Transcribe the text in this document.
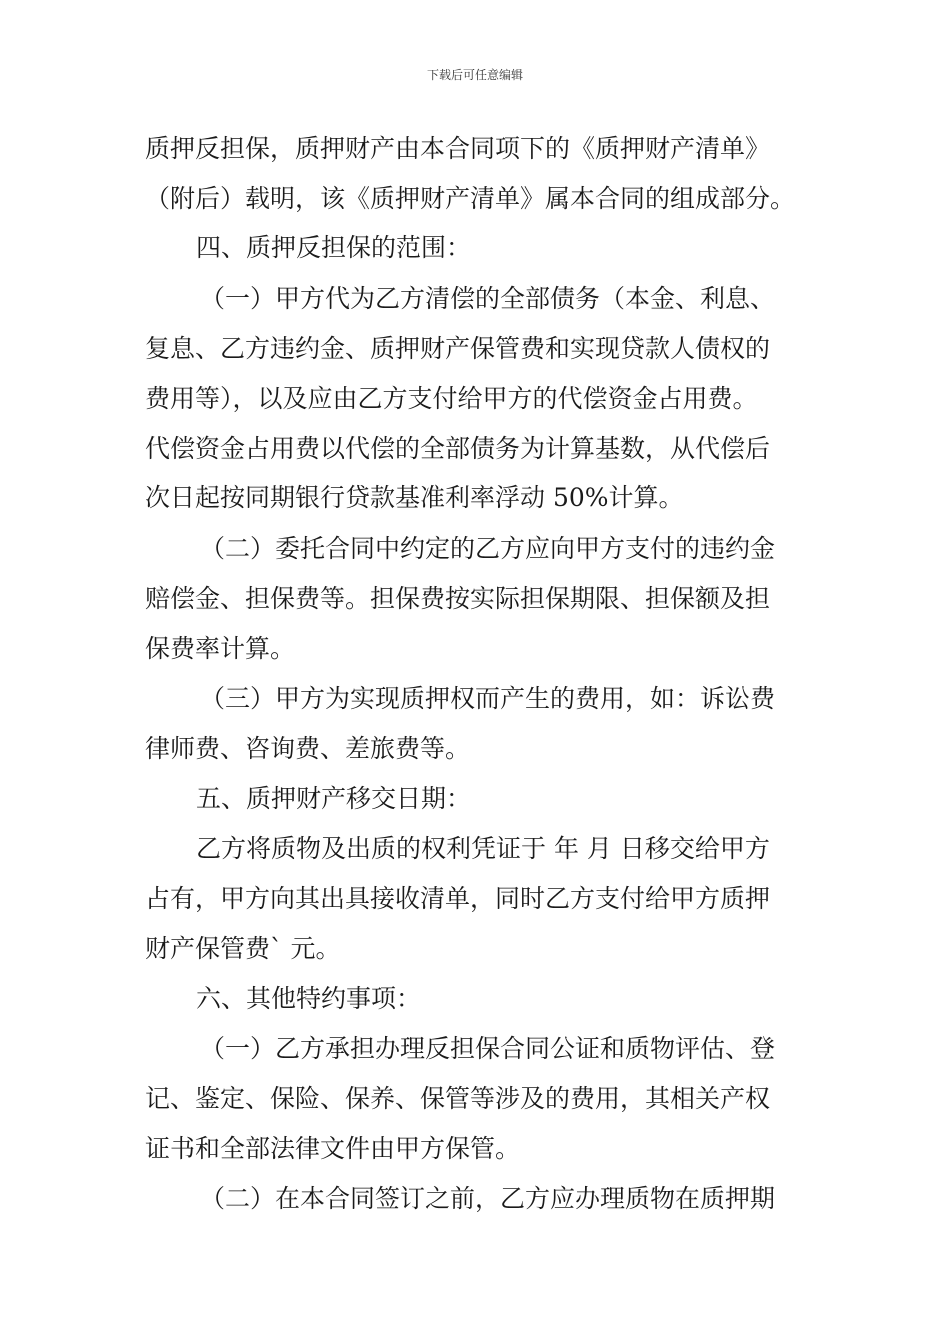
下载后可任意编辑
质押反担保，质押财产由本合同项下的《质押财产清单》
（附后）载明，该《质押财产清单》属本合同的组成部分。
四、质押反担保的范围：
（一）甲方代为乙方清偿的全部债务（本金、利息、
复息、乙方违约金、质押财产保管费和实现贷款人债权的
费用等），以及应由乙方支付给甲方的代偿资金占用费。
代偿资金占用费以代偿的全部债务为计算基数，从代偿后
次日起按同期银行贷款基准利率浮动 50%计算。
（二）委托合同中约定的乙方应向甲方支付的违约金
赔偿金、担保费等。担保费按实际担保期限、担保额及担
保费率计算。
（三）甲方为实现质押权而产生的费用，如：诉讼费
律师费、咨询费、差旅费等。
五、质押财产移交日期：
乙方将质物及出质的权利凭证于 年 月 日移交给甲方
占有，甲方向其出具接收清单，同时乙方支付给甲方质押
财产保管费` 元。
六、其他特约事项：
（一）乙方承担办理反担保合同公证和质物评估、登
记、鉴定、保险、保养、保管等涉及的费用，其相关产权
证书和全部法律文件由甲方保管。
（二）在本合同签订之前，乙方应办理质物在质押期
